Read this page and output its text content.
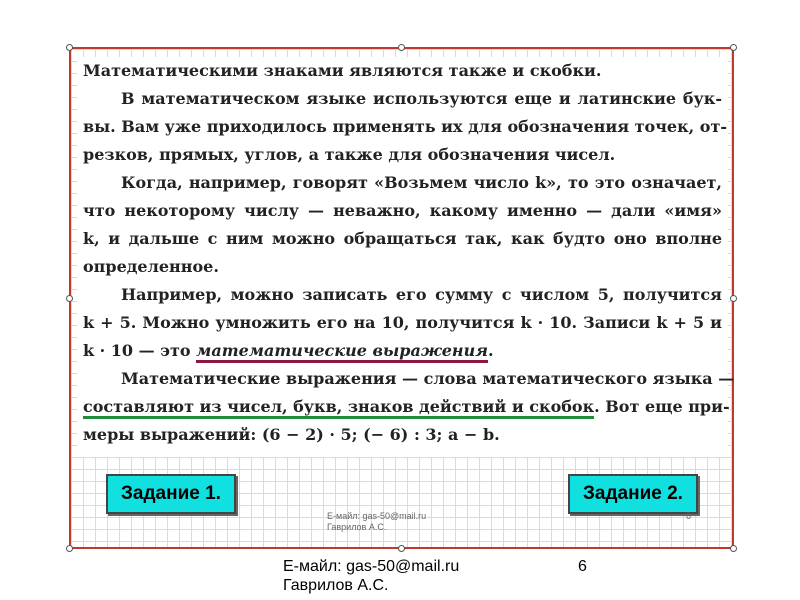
Математическими знаками являются также и скобки.
В математическом языке используются еще и латинские бук-
вы. Вам уже приходилось применять их для обозначения точек, от-
резков, прямых, углов, а также для обозначения чисел.
Когда, например, говорят «Возьмем число k», то это означает,
что некоторому числу — неважно, какому именно — дали «имя»
k, и дальше с ним можно обращаться так, как будто оно вполне
определенное.
Например, можно записать его сумму с числом 5, получится
k + 5. Можно умножить его на 10, получится k · 10. Записи k + 5 и
k · 10 — это математические выражения.
Математические выражения — слова математического языка —
составляют из чисел, букв, знаков действий и скобок. Вот еще при-
меры выражений: (6 − 2) · 5; (− 6) : 3; a − b.
Задание 1.	Задание 2.
E-майл: gas-50@mail.ru
Гаврилов А.С.
6
Е-майл: gas-50@mail.ru
Гаврилов А.С.
6
